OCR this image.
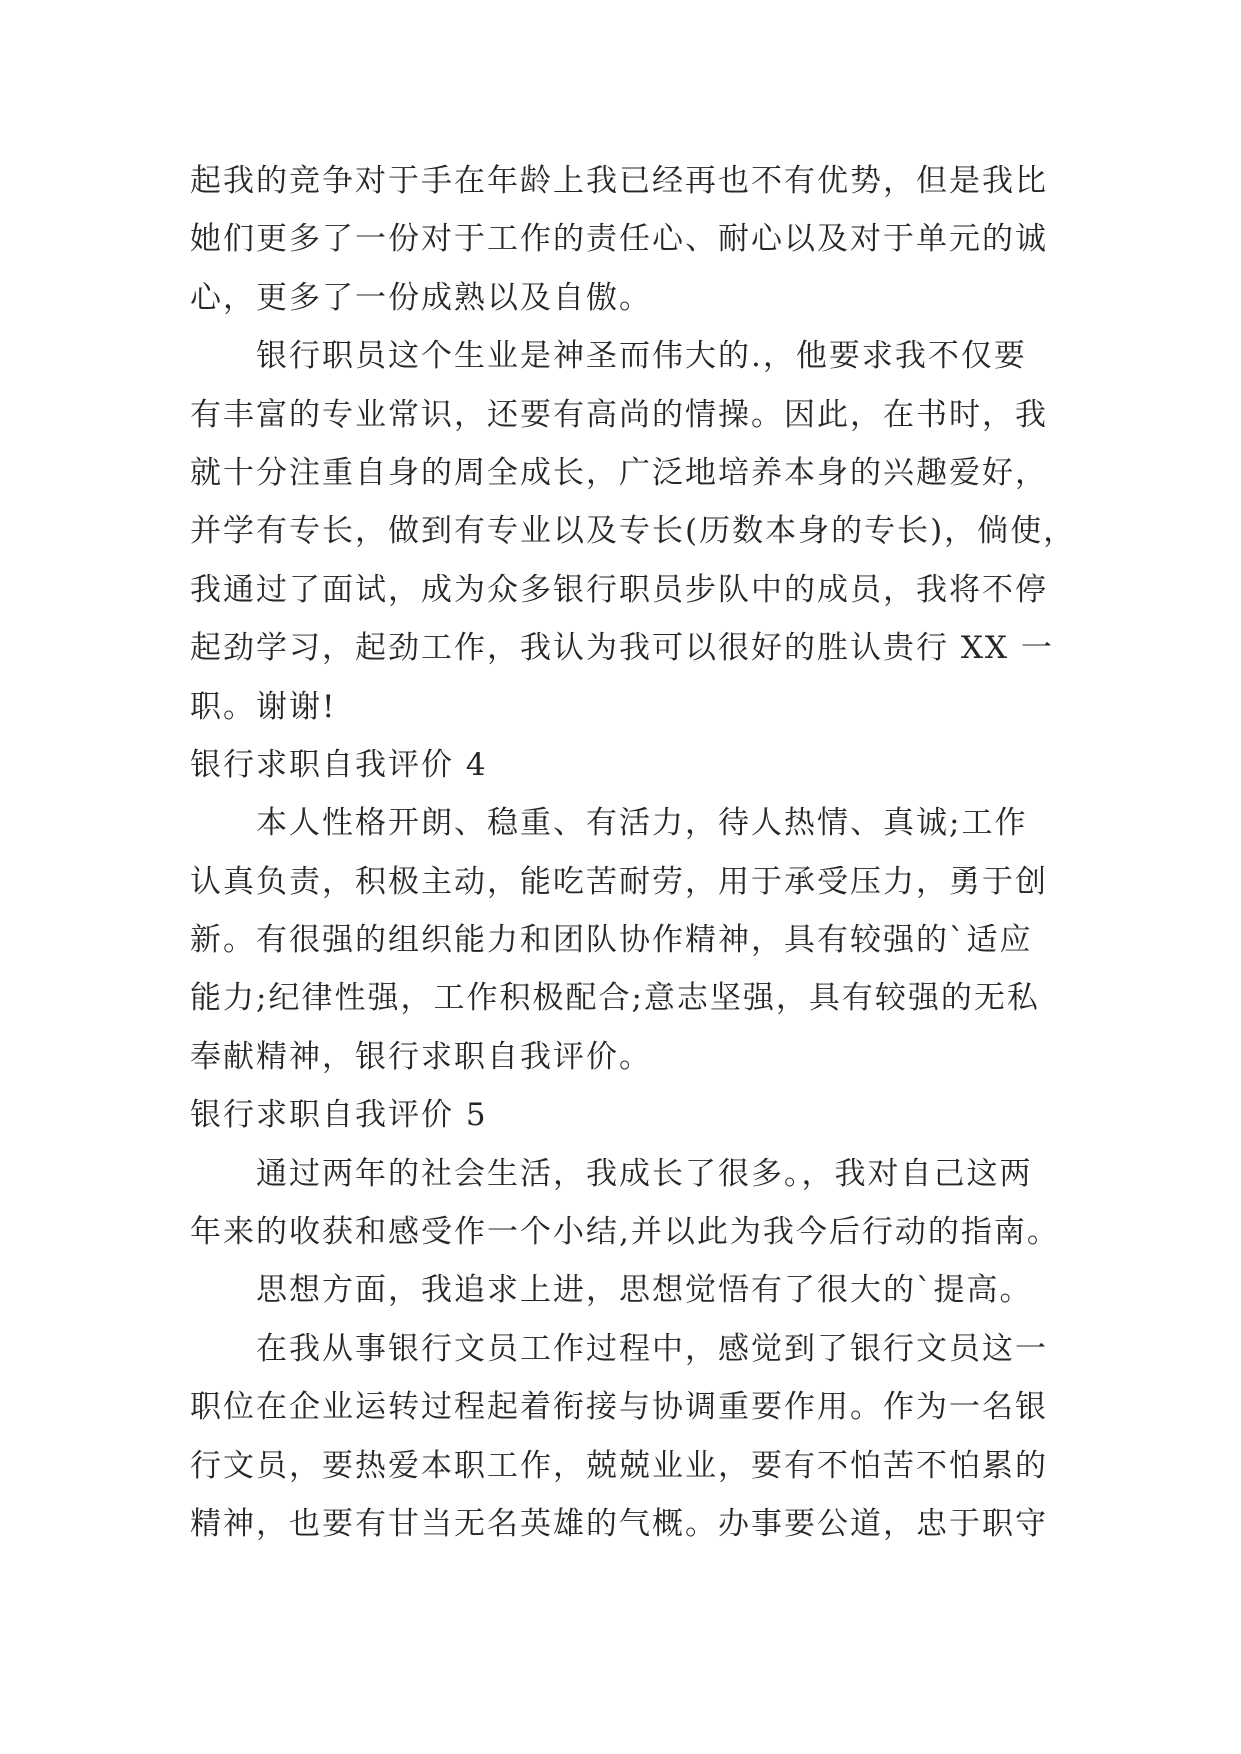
起我的竞争对于手在年龄上我已经再也不有优势，但是我比
她们更多了一份对于工作的责任心、耐心以及对于单元的诚
心，更多了一份成熟以及自傲。
银行职员这个生业是神圣而伟大的.，他要求我不仅要
有丰富的专业常识，还要有高尚的情操。因此，在书时，我
就十分注重自身的周全成长，广泛地培养本身的兴趣爱好，
并学有专长，做到有专业以及专长(历数本身的专长)，倘使，
我通过了面试，成为众多银行职员步队中的成员，我将不停
起劲学习，起劲工作，我认为我可以很好的胜认贵行 XX 一
职。谢谢!
银行求职自我评价 4
本人性格开朗、稳重、有活力，待人热情、真诚;工作
认真负责，积极主动，能吃苦耐劳，用于承受压力，勇于创
新。有很强的组织能力和团队协作精神，具有较强的`适应
能力;纪律性强，工作积极配合;意志坚强，具有较强的无私
奉献精神，银行求职自我评价。
银行求职自我评价 5
通过两年的社会生活，我成长了很多。，我对自己这两
年来的收获和感受作一个小结,并以此为我今后行动的指南。
思想方面，我追求上进，思想觉悟有了很大的`提高。
在我从事银行文员工作过程中，感觉到了银行文员这一
职位在企业运转过程起着衔接与协调重要作用。作为一名银
行文员，要热爱本职工作，兢兢业业，要有不怕苦不怕累的
精神，也要有甘当无名英雄的气概。办事要公道，忠于职守
